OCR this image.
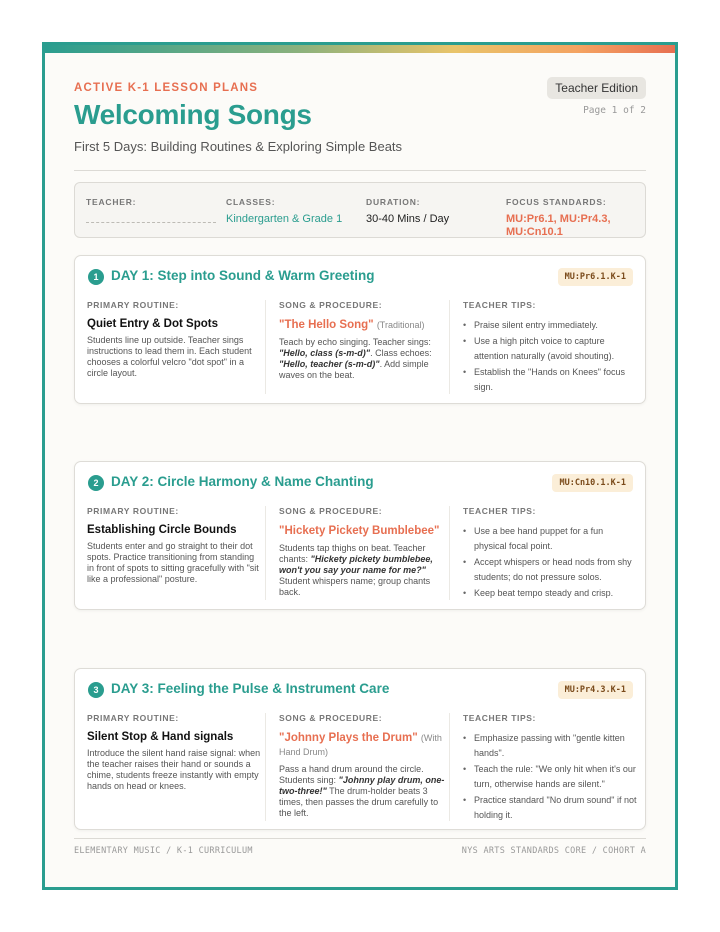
ACTIVE K-1 LESSON PLANS	Teacher Edition
Page 1 of 2
Welcoming Songs
First 5 Days: Building Routines & Exploring Simple Beats
TEACHER:	CLASSES:
Kindergarten & Grade 1
DURATION:
30-40 Mins / Day
FOCUS STANDARDS:
MU:Pr6.1, MU:Pr4.3, MU:Cn10.1
1 DAY 1: Step into Sound & Warm Greeting	MU:Pr6.1.K-1
PRIMARY ROUTINE:
Quiet Entry & Dot Spots
Students line up outside. Teacher sings instructions to lead them in. Each student chooses a colorful velcro "dot spot" in a circle layout.
SONG & PROCEDURE:
"The Hello Song" (Traditional)
Teach by echo singing. Teacher sings: "Hello, class (s-m-d)". Class echoes: "Hello, teacher (s-m-d)". Add simple waves on the beat.
TEACHER TIPS:
• Praise silent entry immediately.
• Use a high pitch voice to capture attention naturally (avoid shouting).
• Establish the "Hands on Knees" focus sign.
2 DAY 2: Circle Harmony & Name Chanting	MU:Cn10.1.K-1
PRIMARY ROUTINE:
Establishing Circle Bounds
Students enter and go straight to their dot spots. Practice transitioning from standing in front of spots to sitting gracefully with "sit like a professional" posture.
SONG & PROCEDURE:
"Hickety Pickety Bumblebee"
Students tap thighs on beat. Teacher chants: "Hickety pickety bumblebee, won't you say your name for me?" Student whispers name; group chants back.
TEACHER TIPS:
• Use a bee hand puppet for a fun physical focal point.
• Accept whispers or head nods from shy students; do not pressure solos.
• Keep beat tempo steady and crisp.
3 DAY 3: Feeling the Pulse & Instrument Care	MU:Pr4.3.K-1
PRIMARY ROUTINE:
Silent Stop & Hand signals
Introduce the silent hand raise signal: when the teacher raises their hand or sounds a chime, students freeze instantly with empty hands on head or knees.
SONG & PROCEDURE:
"Johnny Plays the Drum" (With Hand Drum)
Pass a hand drum around the circle. Students sing: "Johnny play drum, one-two-three!" The drum-holder beats 3 times, then passes the drum carefully to the left.
TEACHER TIPS:
• Emphasize passing with "gentle kitten hands".
• Teach the rule: "We only hit when it's our turn, otherwise hands are silent."
• Practice standard "No drum sound" if not holding it.
ELEMENTARY MUSIC / K-1 CURRICULUM	NYS ARTS STANDARDS CORE / COHORT A
